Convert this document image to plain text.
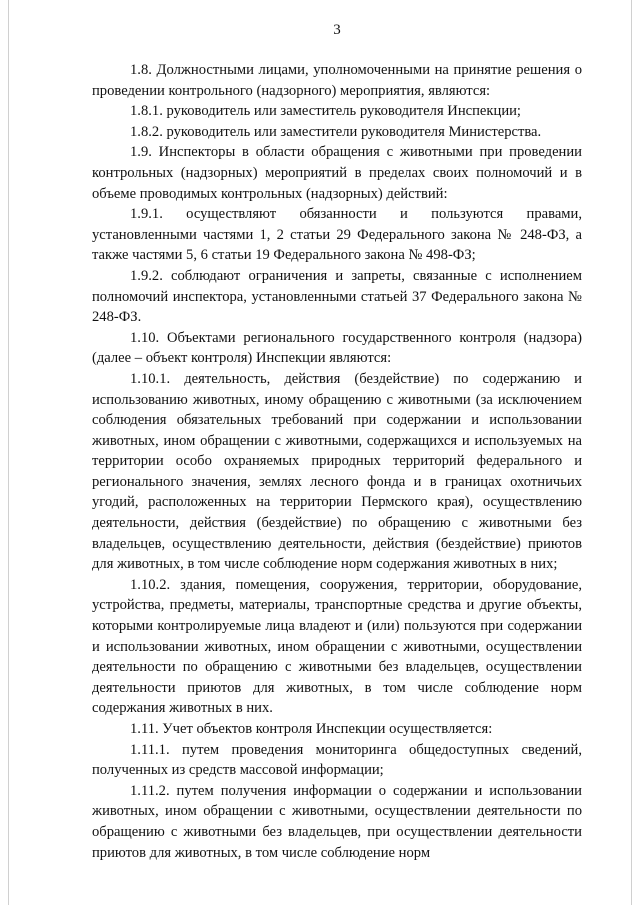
3

1.8. Должностными лицами, уполномоченными на принятие решения о проведении контрольного (надзорного) мероприятия, являются:

1.8.1. руководитель или заместитель руководителя Инспекции;

1.8.2. руководитель или заместители руководителя Министерства.

1.9. Инспекторы в области обращения с животными при проведении контрольных (надзорных) мероприятий в пределах своих полномочий и в объеме проводимых контрольных (надзорных) действий:

1.9.1. осуществляют обязанности и пользуются правами, установленными частями 1, 2 статьи 29 Федерального закона № 248-ФЗ, а также частями 5, 6 статьи 19 Федерального закона № 498-ФЗ;

1.9.2. соблюдают ограничения и запреты, связанные с исполнением полномочий инспектора, установленными статьей 37 Федерального закона № 248-ФЗ.

1.10. Объектами регионального государственного контроля (надзора) (далее – объект контроля) Инспекции являются:

1.10.1. деятельность, действия (бездействие) по содержанию и использованию животных, иному обращению с животными (за исключением соблюдения обязательных требований при содержании и использовании животных, ином обращении с животными, содержащихся и используемых на территории особо охраняемых природных территорий федерального и регионального значения, землях лесного фонда и в границах охотничьих угодий, расположенных на территории Пермского края), осуществлению деятельности, действия (бездействие) по обращению с животными без владельцев, осуществлению деятельности, действия (бездействие) приютов для животных, в том числе соблюдение норм содержания животных в них;

1.10.2. здания, помещения, сооружения, территории, оборудование, устройства, предметы, материалы, транспортные средства и другие объекты, которыми контролируемые лица владеют и (или) пользуются при содержании и использовании животных, ином обращении с животными, осуществлении деятельности по обращению с животными без владельцев, осуществлении деятельности приютов для животных, в том числе соблюдение норм содержания животных в них.

1.11. Учет объектов контроля Инспекции осуществляется:

1.11.1. путем проведения мониторинга общедоступных сведений, полученных из средств массовой информации;

1.11.2. путем получения информации о содержании и использовании животных, ином обращении с животными, осуществлении деятельности по обращению с животными без владельцев, при осуществлении деятельности приютов для животных, в том числе соблюдение норм
